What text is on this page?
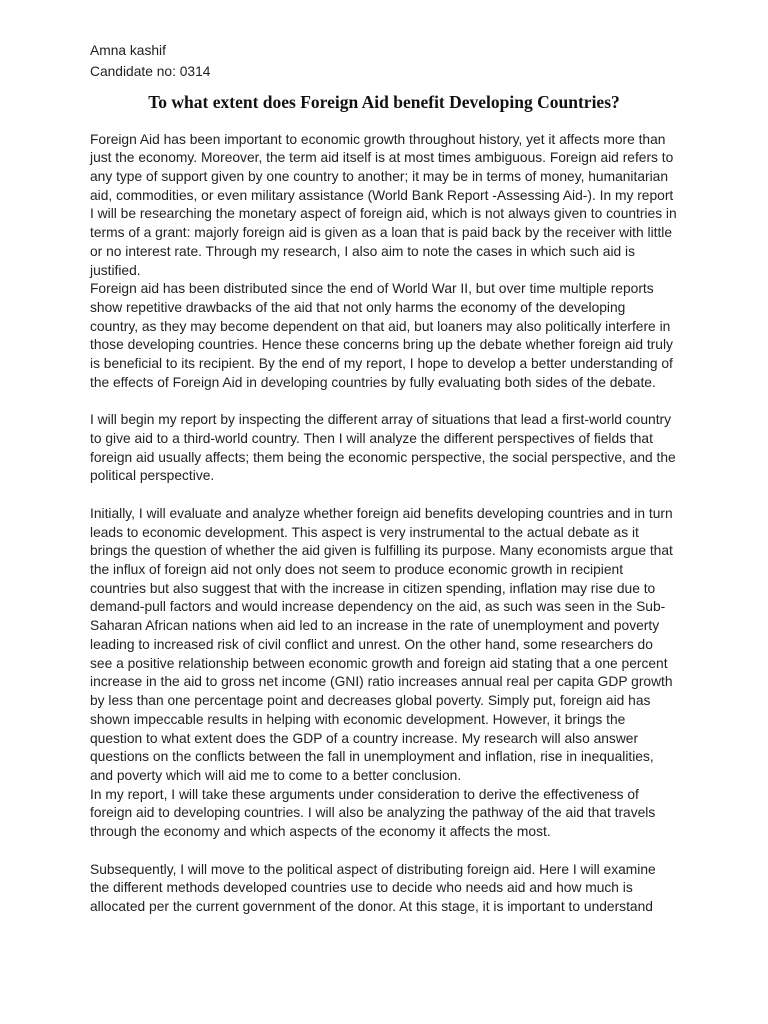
Amna kashif
Candidate no: 0314
To what extent does Foreign Aid benefit Developing Countries?
Foreign Aid has been important to economic growth throughout history, yet it affects more than
just the economy. Moreover, the term aid itself is at most times ambiguous. Foreign aid refers to
any type of support given by one country to another; it may be in terms of money, humanitarian
aid, commodities, or even military assistance (World Bank Report -Assessing Aid-). In my report
I will be researching the monetary aspect of foreign aid, which is not always given to countries in
terms of a grant: majorly foreign aid is given as a loan that is paid back by the receiver with little
or no interest rate. Through my research, I also aim to note the cases in which such aid is
justified.
Foreign aid has been distributed since the end of World War II, but over time multiple reports
show repetitive drawbacks of the aid that not only harms the economy of the developing
country, as they may become dependent on that aid, but loaners may also politically interfere in
those developing countries. Hence these concerns bring up the debate whether foreign aid truly
is beneficial to its recipient. By the end of my report, I hope to develop a better understanding of
the effects of Foreign Aid in developing countries by fully evaluating both sides of the debate.
I will begin my report by inspecting the different array of situations that lead a first-world country
to give aid to a third-world country. Then I will analyze the different perspectives of fields that
foreign aid usually affects; them being the economic perspective, the social perspective, and the
political perspective.
Initially, I will evaluate and analyze whether foreign aid benefits developing countries and in turn
leads to economic development. This aspect is very instrumental to the actual debate as it
brings the question of whether the aid given is fulfilling its purpose. Many economists argue that
the influx of foreign aid not only does not seem to produce economic growth in recipient
countries but also suggest that with the increase in citizen spending, inflation may rise due to
demand-pull factors and would increase dependency on the aid, as such was seen in the Sub-
Saharan African nations when aid led to an increase in the rate of unemployment and poverty
leading to increased risk of civil conflict and unrest. On the other hand, some researchers do
see a positive relationship between economic growth and foreign aid stating that a one percent
increase in the aid to gross net income (GNI) ratio increases annual real per capita GDP growth
by less than one percentage point and decreases global poverty. Simply put, foreign aid has
shown impeccable results in helping with economic development. However, it brings the
question to what extent does the GDP of a country increase. My research will also answer
questions on the conflicts between the fall in unemployment and inflation, rise in inequalities,
and poverty which will aid me to come to a better conclusion.
In my report, I will take these arguments under consideration to derive the effectiveness of
foreign aid to developing countries. I will also be analyzing the pathway of the aid that travels
through the economy and which aspects of the economy it affects the most.
Subsequently, I will move to the political aspect of distributing foreign aid. Here I will examine
the different methods developed countries use to decide who needs aid and how much is
allocated per the current government of the donor. At this stage, it is important to understand
